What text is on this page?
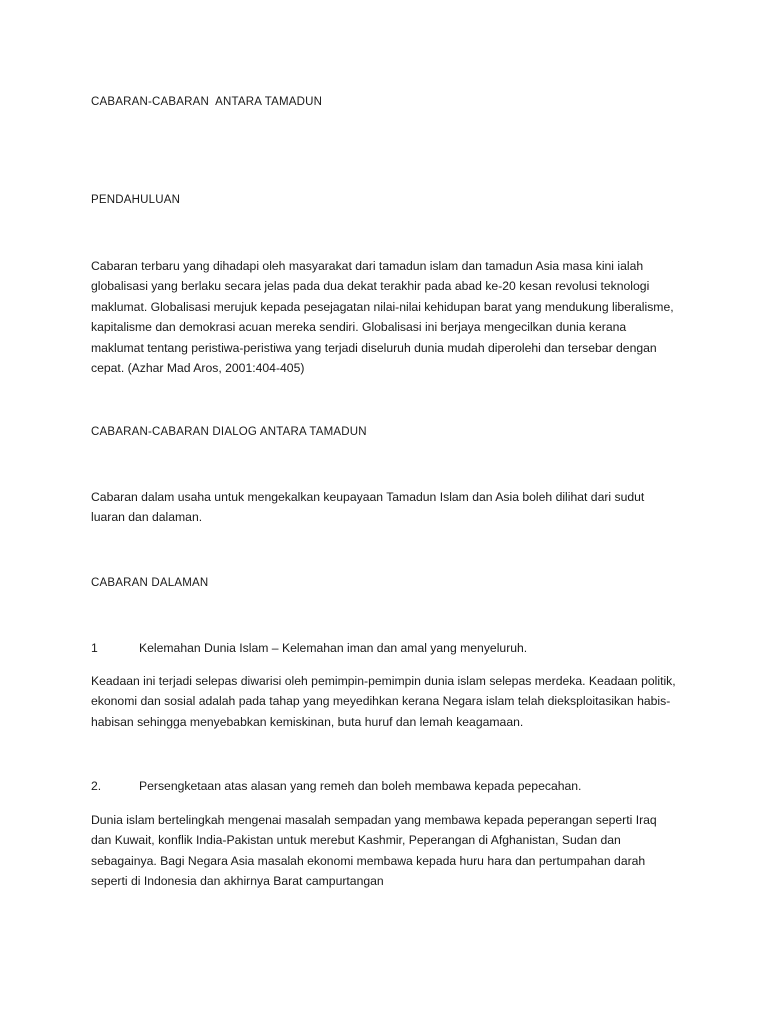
CABARAN-CABARAN  ANTARA TAMADUN
PENDAHULUAN

Cabaran terbaru yang dihadapi oleh masyarakat dari tamadun islam dan tamadun Asia masa kini ialah globalisasi yang berlaku secara jelas pada dua dekat terakhir pada abad ke-20 kesan revolusi teknologi maklumat. Globalisasi merujuk kepada pesejagatan nilai-nilai kehidupan barat yang mendukung liberalisme, kapitalisme dan demokrasi acuan mereka sendiri. Globalisasi ini berjaya mengecilkan dunia kerana maklumat tentang peristiwa-peristiwa yang terjadi diseluruh dunia mudah diperolehi dan tersebar dengan cepat. (Azhar Mad Aros, 2001:404-405)

CABARAN-CABARAN DIALOG ANTARA TAMADUN

Cabaran dalam usaha untuk mengekalkan keupayaan Tamadun Islam dan Asia boleh dilihat dari sudut luaran dan dalaman.

CABARAN DALAMAN
1	Kelemahan Dunia Islam – Kelemahan iman dan amal yang menyeluruh.

Keadaan ini terjadi selepas diwarisi oleh pemimpin-pemimpin dunia islam selepas merdeka. Keadaan politik, ekonomi dan sosial adalah pada tahap yang meyedihkan kerana Negara islam telah dieksploitasikan habis-habisan sehingga menyebabkan kemiskinan, buta huruf dan lemah keagamaan.

2.	Persengketaan atas alasan yang remeh dan boleh membawa kepada pepecahan.

Dunia islam bertelingkah mengenai masalah sempadan yang membawa kepada peperangan seperti Iraq dan Kuwait, konflik India-Pakistan untuk merebut Kashmir, Peperangan di Afghanistan, Sudan dan sebagainya. Bagi Negara Asia masalah ekonomi membawa kepada huru hara dan pertumpahan darah seperti di Indonesia dan akhirnya Barat campurtangan
